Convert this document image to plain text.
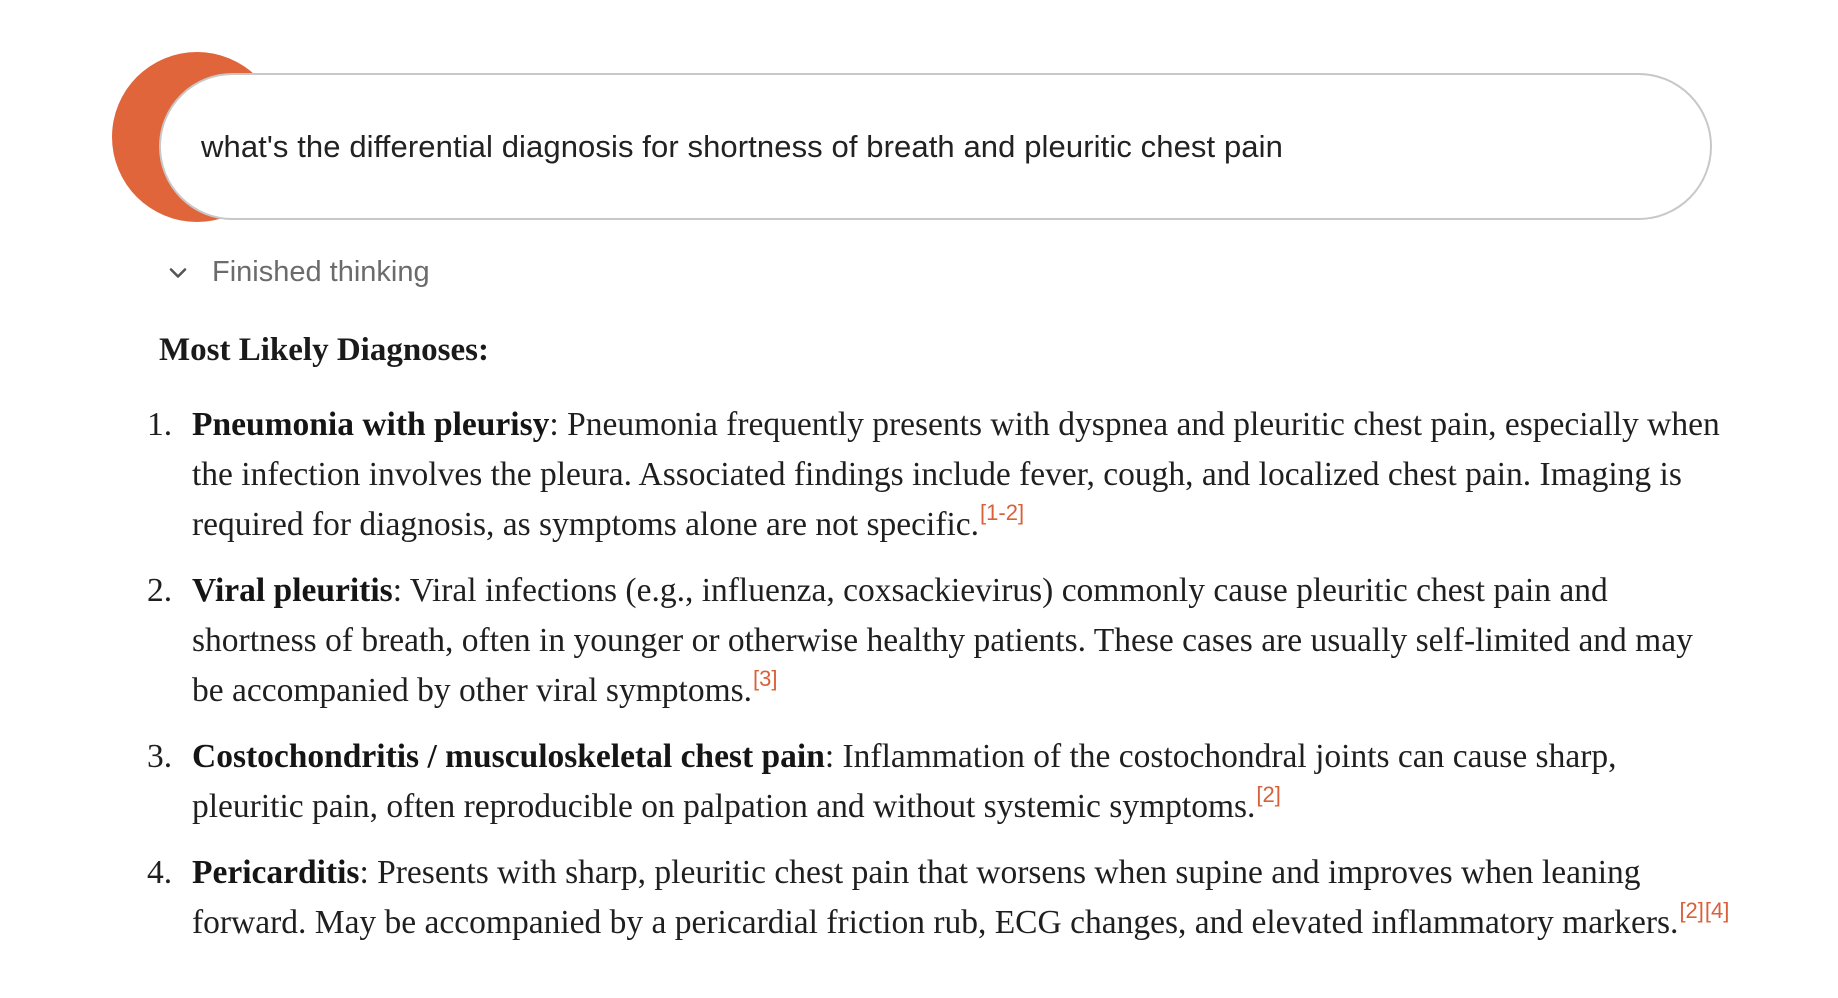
what's the differential diagnosis for shortness of breath and pleuritic chest pain
Finished thinking
Most Likely Diagnoses:
1. Pneumonia with pleurisy: Pneumonia frequently presents with dyspnea and pleuritic chest pain, especially when the infection involves the pleura. Associated findings include fever, cough, and localized chest pain. Imaging is required for diagnosis, as symptoms alone are not specific.[1-2]
2. Viral pleuritis: Viral infections (e.g., influenza, coxsackievirus) commonly cause pleuritic chest pain and shortness of breath, often in younger or otherwise healthy patients. These cases are usually self-limited and may be accompanied by other viral symptoms.[3]
3. Costochondritis / musculoskeletal chest pain: Inflammation of the costochondral joints can cause sharp, pleuritic pain, often reproducible on palpation and without systemic symptoms.[2]
4. Pericarditis: Presents with sharp, pleuritic chest pain that worsens when supine and improves when leaning forward. May be accompanied by a pericardial friction rub, ECG changes, and elevated inflammatory markers.[2][4]
